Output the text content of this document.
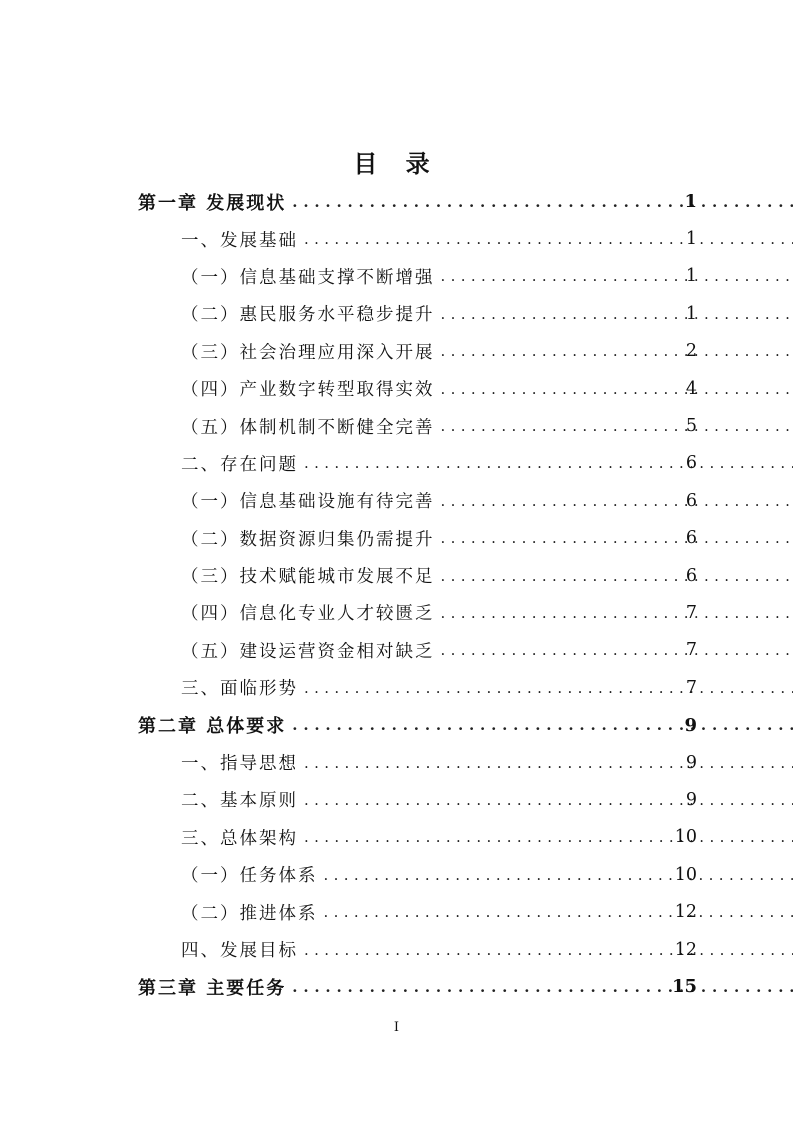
目 录
第一章 发展现状 . . .	1
一、发展基础 . . .	1
（一）信息基础支撑不断增强 . . .	1
（二）惠民服务水平稳步提升 . . .	1
（三）社会治理应用深入开展 . . .	2
（四）产业数字转型取得实效 . . .	4
（五）体制机制不断健全完善 . . .	5
二、存在问题 . . .	6
（一）信息基础设施有待完善 . . .	6
（二）数据资源归集仍需提升 . . .	6
（三）技术赋能城市发展不足 . . .	6
（四）信息化专业人才较匮乏 . . .	7
（五）建设运营资金相对缺乏 . . .	7
三、面临形势 . . .	7
第二章 总体要求 . . .	9
一、指导思想 . . .	9
二、基本原则 . . .	9
三、总体架构 . . .	10
（一）任务体系 . . .	10
（二）推进体系 . . .	12
四、发展目标 . . .	12
第三章 主要任务 . . .	15
I
